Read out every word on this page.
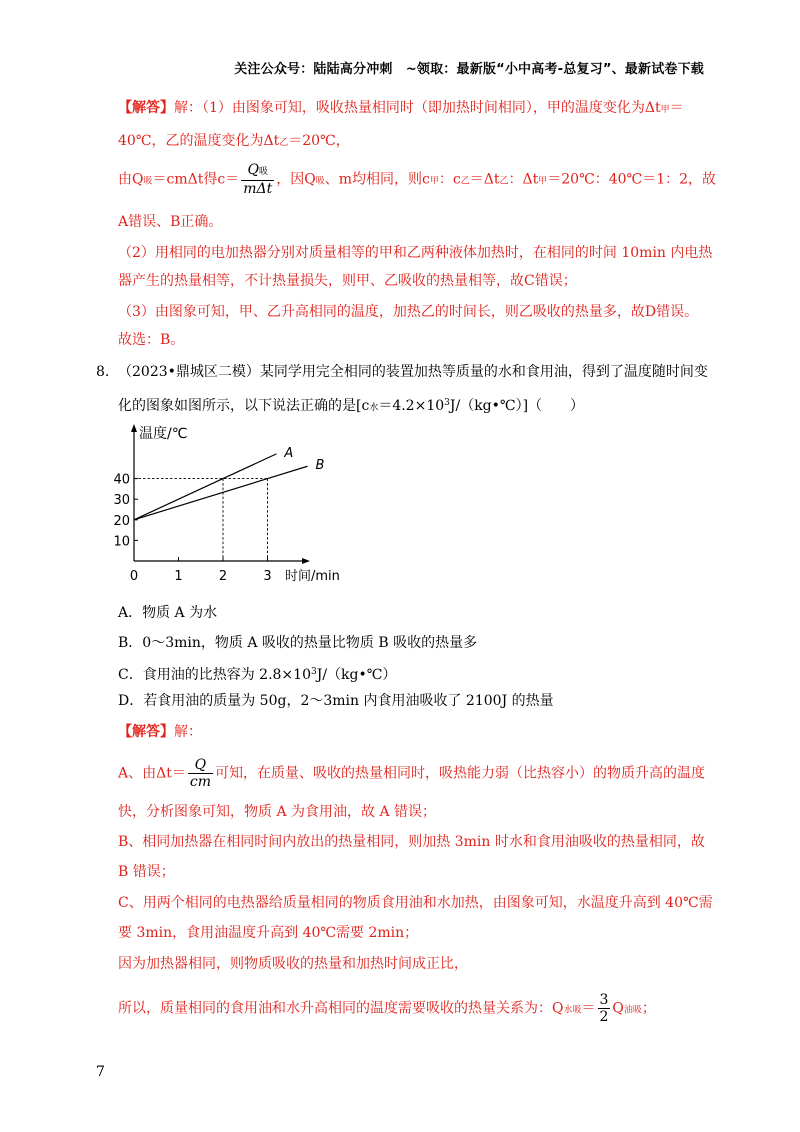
关注公众号：陆陆高分冲刺　~领取：最新版“小中高考-总复习”、最新试卷下载
【解答】解：（1）由图象可知，吸收热量相同时（即加热时间相同），甲的温度变化为Δt甲＝
40℃，乙的温度变化为Δt乙＝20℃，
由Q吸＝cmΔt得$c= \frac{\text{Q吸}}{\text{mΔt}}$ ，因Q吸、m均相同，则c甲：c乙＝Δt乙：Δt甲＝20℃：40℃＝1：2，故
A错误、B正确。
（2）用相同的电加热器分别对质量相等的甲和乙两种液体加热时，在相同的时间 10min 内电热
器产生的热量相等，不计热量损失，则甲、乙吸收的热量相等，故C错误；
（3）由图象可知，甲、乙升高相同的温度，加热乙的时间长，则乙吸收的热量多，故D错误。
故选：B。
8. （2023•鼎城区二模）某同学用完全相同的装置加热等质量的水和食用油，得到了温度随时间变
化的图象如图所示，以下说法正确的是[c水$=4.2\times 10^3J/(kg•℃)$]（　　）
温度/℃
时间/min
0	1	2	3
10
20
30
40
A
B
A．物质 A 为水
B．0～3min，物质 A 吸收的热量比物质 B 吸收的热量多
C．食用油的比热容为 $2.8\times 10^3J/(kg•℃)$
D．若食用油的质量为 50g，2～3min 内食用油吸收了 2100J 的热量
【解答】解：
A、由$\Delta t= \frac{Q}{cm}$ 可知，在质量、吸收的热量相同时，吸热能力弱（比热容小）的物质升高的温度
快，分析图象可知，物质 A 为食用油，故 A 错误；
B、相同加热器在相同时间内放出的热量相同，则加热 3min 时水和食用油吸收的热量相同，故
B 错误；
C、用两个相同的电热器给质量相同的物质食用油和水加热，由图象可知，水温度升高到 40℃需
要 3min，食用油温度升高到 40℃需要 2min；
因为加热器相同，则物质吸收的热量和加热时间成正比，
所以，质量相同的食用油和水升高相同的温度需要吸收的热量关系为：Q水吸＝ $\frac{3}{2}$ Q油吸；
7
